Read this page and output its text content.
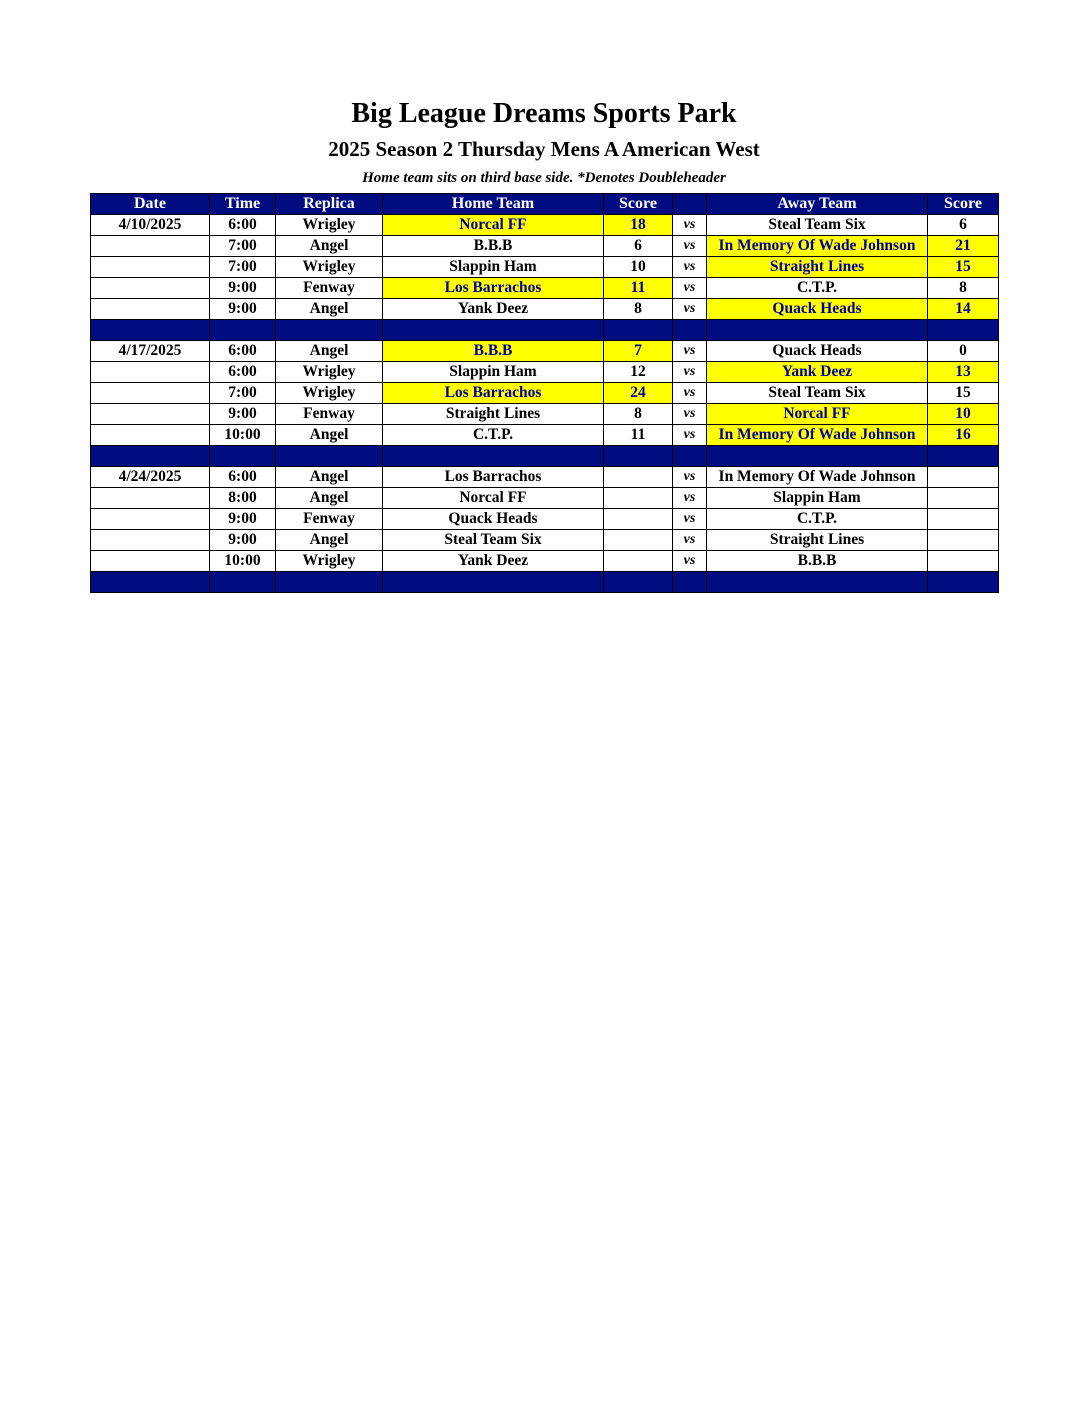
Big League Dreams Sports Park
2025 Season 2 Thursday Mens A American West
Home team sits on third base side. *Denotes Doubleheader
Date	Time	Replica	Home Team	Score		Away Team	Score
4/10/2025	6:00	Wrigley	Norcal FF	18	vs	Steal Team Six	6
	7:00	Angel	B.B.B	6	vs	In Memory Of Wade Johnson	21
	7:00	Wrigley	Slappin Ham	10	vs	Straight Lines	15
	9:00	Fenway	Los Barrachos	11	vs	C.T.P.	8
	9:00	Angel	Yank Deez	8	vs	Quack Heads	14

4/17/2025	6:00	Angel	B.B.B	7	vs	Quack Heads	0
	6:00	Wrigley	Slappin Ham	12	vs	Yank Deez	13
	7:00	Wrigley	Los Barrachos	24	vs	Steal Team Six	15
	9:00	Fenway	Straight Lines	8	vs	Norcal FF	10
	10:00	Angel	C.T.P.	11	vs	In Memory Of Wade Johnson	16

4/24/2025	6:00	Angel	Los Barrachos		vs	In Memory Of Wade Johnson	
	8:00	Angel	Norcal FF		vs	Slappin Ham	
	9:00	Fenway	Quack Heads		vs	C.T.P.	
	9:00	Angel	Steal Team Six		vs	Straight Lines	
	10:00	Wrigley	Yank Deez		vs	B.B.B	
